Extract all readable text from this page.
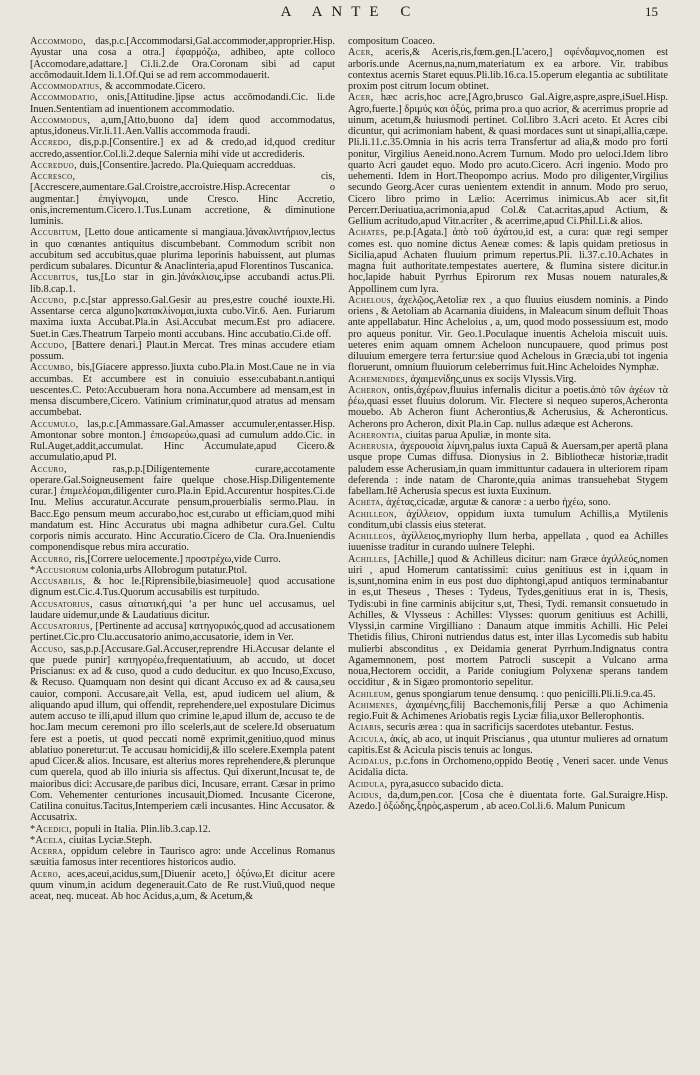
A ANTE C	15

Accommodo, das,p.c.[Accommodarsi,Gal.accommoder,approprier.Hisp. Ayustar una cosa a otra.] ἐφαρμόζω, adhibeo, apte colloco [Accomodare,adattare.] Ci.li.2.de Ora.Coronam sibi ad caput accōmodauit.Idem li.1.Of.Qui se ad rem accommodauerit.

Accommodatius, & accommodate.Cicero.

Accommodatio, onis,[Attitudine.]ipse actus accōmodandi.Cic. li.de Inuen.Sententiam ad inuentionem accommodatio.

Accommodus, a,um,[Atto,buono da] idem quod accommodatus, aptus,idoneus.Vir.li.11.Aen.Vallis accommoda fraudi.

Accredo, dis,p.p.[Consentire.] ex ad & credo,ad id,quod creditur accredo,assentior.Col.li.2.deque Salernia mihi vide ut accredideris.

Accreduo, duis,[Consentire.]acredo. Pla.Quiequam accredduas.

Accresco,	cis,[Accrescere,aumentare.Gal.Croistre,accroistre.Hisp.Acrecentar o augmentar.] ἐπιγίγνομαι, unde Cresco. Hinc Accretio, onis,incrementum.Cicero.1.Tus.Lunam accretione, & diminutione luminis.

Accubitum, [Letto doue anticamente si mangiaua.]ἀνακλιντήριον,lectus in quo cœnantes antiquitus discumbebant. Commodum scribit non accubitum sed accubitus,quae plurima leporinis habuissent, aut plumas perdicum subalares. Dicuntur & Anaclinteria,apud Florentinos Tuscanica.

Accubitus, tus,[Lo star in gin.]ἀνάκλισις,ipse accubandi actus.Pli. lib.8.cap.1.

Accubo, p.c.[star appresso.Gal.Gesir au pres,estre couché iouxte.Hi. Assentarse cerca alguno]κατακλίνομαι,iuxta cubo.Vir.6. Aen. Furiarum maxima iuxta Accubat.Pla.in Asi.Accubat mecum.Est pro adiacere. Suet.in Cæs.Theatrum Tarpeio monti accubans. Hinc accubatio.Ci.de off.

Accudo, [Battere denari.] Plaut.in Mercat. Tres minas accudere etiam possum.

Accumbo, bis,[Giacere appresso.]iuxta cubo.Pla.in Most.Caue ne in via accumbas. Et accumbere est in conuiuio esse:cubabant.n.antiqui uescentes.C. Peto:Accubueram hora nona.Accumbere ad mensam,est in mensa discumbere,Cicero. Vatinium criminatur,quod atratus ad mensam accumbebat.

Accumulo, las,p.c.[Ammassare.Gal.Amasser accumuler,entasser.Hisp. Amontonar sobre monton.] ἐπισωρεύω,quasi ad cumulum addo.Cic. in Rul.Auget,addit,accumulat. Hinc Accumulate,apud Cicero.& accumulatio,apud Pl.

Accuro,	ras,p.p.[Diligentemente curare,accotamente operare.Gal.Soigneusement faire quelque chose.Hisp.Diligentemente curar.] ἐπιμελέομαι,diligenter curo.Pla.in Epid.Accurentur hospites.Ci.de Inu. Melius accuratur.Accurate pensum,prouerbialis sermo.Plau. in Bacc.Ego pensum meum accurabo,hoc est,curabo ut efficiam,quod mihi mandatum est. Hinc Accuratus ubi magna adhibetur cura.Gel. Cultu corporis nimis accurato. Hinc Accuratio.Cicero de Cla. Ora.Inueniendis componendisque rebus mira accuratio.

Accurro, ris,[Correre uelocemente.] προστρέχω,vide Curro.

*Accusiorum colonia,urbs Allobrogum putatur.Ptol.

Accusabilis, & hoc le.[Riprensibile,biasimeuole] quod accusatione dignum est.Cic.4.Tus.Quorum accusabilis est turpitudo.

Accusatorius, casus αἰτιατική,qui ‘a per hunc uel accusamus, uel laudare uidemur,unde & Laudatiuus dicitur.

Accusatorius, [Pertinente ad accusa] κατηγορικός,quod ad accusationem pertinet.Cic.pro Clu.accusatorio animo,accusatorie, idem in Ver.

Accuso, sas,p.p.[Accusare.Gal.Accuser,reprendre Hi.Accusar delante el que puede punir] κατηγορέω,frequentatiuum, ab accudo, ut docet Priscianus: ex ad & cuso, quod a cudo deducitur. ex quo Incuso,Excuso, & Recuso. Quamquam non desint qui dicant Accuso ex ad & causa,seu cauior, componi. Accusare,ait Vella, est, apud iudicem uel alium, & aliquando apud illum, qui offendit, reprehendere,uel expostulare Dicimus autem accuso te illi,apud illum quo crimine le,apud illum de, accuso te de hoc.Iam mecum ceremoni pro illo scelerls,aut de scelere.Id obseruatum fere est a poetis, ut quod peccati nomē exprimit,genitiuo,quod minus ablatiuo poneretur:ut. Te accusau homicidij,& illo scelere.Exempla patent apud Cicer.& alios. Incusare, est alterius mores reprehendere,& plerunque cum querela, quod ab illo iniuria sis affectus. Qui dixerunt,Incusat te, de maioribus dici: Accusare,de paribus dici, Incusare, errant. Cæsar in primo Com. Vehementer centuriones incusauit,Diomed. Incusante Cicerone, Catilina conuitus.Tacitus,Intemperiem cæli incusantes. Hinc Accusator. & Accusatrix.

*Acedici, populi in Italia. Plin.lib.3.cap.12.

*Acela, ciuitas Lyciæ.Steph.

Acerra, oppidum celebre in Taurisco agro: unde Accelinus Romanus sæuitia famosus inter recentiores historicos audio.

Acero, aces,aceui,acidus,sum,[Diuenir aceto,] ὀξύνω,Et dicitur acere quum vinum,in acidum degenerauit.Cato de Re rust.Viuū,quod neque aceat, neq. muceat. Ab hoc Acidus,a,um, & Acetum,&

compositum Coaceo.

Acer, aceris,& Aceris,ris,fœm.gen.[L'acero,] σφένδαμνος,nomen est arboris.unde Acernus,na,num,materiatum ex ea arbore. Vir. trabibus contextus acernis Staret equus.Pli.lib.16.ca.15.operum elegantia ac subtilitate proxim post citrum locum obtinet.

Acer, hæc acris,hoc acre,[Agro,brusco Gal.Aigre,aspre,aspre,iSuel.Hisp. Agro,fuerte.] δριμύς και ὀξύς, prima pro.a quo acrior, & acerrimus proprie ad uinum, acetum,& huiusmodi pertinet. Col.libro 3.Acri aceto. Et Acres cibi dicuntur, qui acrimoniam habent, & quasi mordaces sunt ut sinapi,allia,cæpe. Pli.li.11.c.35.Omnia in his acris terra Transfertur ad alia,& modo pro forti ponitur, Virgilius Aeneid.nono.Acrem Turnum. Modo pro ueloci.Idem libro quarto Acri gaudet equo. Modo pro acuto.Cicero. Acri ingenio. Modo pro uehementi. Idem in Hort.Theopompo acrius. Modo pro diligenter,Virgilius secundo Georg.Acer curas uenientem extendit in annum. Modo pro seruo, Cicero libro primo in Lælio: Acerrimus inimicus.Ab acer sit,fit Percerr.Deriuatiua,acrimonia,apud Col.& Cat.acritas,apud Actium, & Gellium acritudo,apud Vitr.acriter , & acerrime,apud Ci.Phil.Li.& alios.

Achates, pe.p.[Agata.] ἀπὸ τοῦ ἀχάτου,id est, a cura: quæ regi semper comes est. quo nomine dictus Aeneæ comes: & lapis quidam pretiosus in Sicilia,apud Achaten fluuium primum repertus.Pli. li.37.c.10.Achates in magna fuit authoritate.tempestates auertere, & flumina sistere dicitur.in hoc,lapide habuit Pyrrhus Epirorum rex Musas nouem naturales,& Appollinem cum lyra.

Achelous, ἀχελῷος,Aetoliæ rex , a quo fluuius eiusdem nominis. a Pindo oriens , & Aetoliam ab Acarnania diuidens, in Maleacum sinum defluit Thoas ante appellabatur. Hinc Acheloius , a, um, quod modo possessiuum est, modo pro aqueus ponitur. Vir. Geo.1.Poculaque inuentis Acheloia miscuit uuis. ueteres enim aquam omnem Acheloon nuncupauere, quod primus post diluuium emergere terra fertur:siue quod Achelous in Græcia,ubi tot ingenia floruerunt, omnium fluuiorum celeberrimus fuit.Hinc Acheloides Nymphæ.

Achemenides, ἀχαιμενίδης,unus ex socijs Vlyssis.Virg.

Acheron, ontis,ἀχέρων,fluuius infernalis dicitur a poetis.ἀπὸ τῶν ἀχέων τὰ ῥέω,quasi esset fluuius dolorum. Vir. Flectere si nequeo superos,Acheronta mouebo. Ab Acheron fiunt Acherontius,& Acherusius, & Acheronticus. Acherons pro Acheron, dixit Pla.in Cap. nullus adæque est Acherons.

Acherontia, ciuitas parua Apuliæ, in monte sita.

Acherusia, ἀχερουσία λίμνη,palus iuxta Capuā & Auersam,per apertā plana usque prope Cumas diffusa. Dionysius in 2. Bibliothecæ historiæ,tradit paludem esse Acherusiam,in quam immittuntur cadauera in ulteriorem ripam deferenda : inde natam de Charonte,quia animas transuehebat Stygem fabellam.Itē Acherusia specus est iuxta Euxinum.

Acheta, ἀχέτας,cicadæ, argutæ & canoræ : a uerbo ἠχέω, sono.

Achilleon, ἀχίλλειον, oppidum iuxta tumulum Achillis,a Mytilenis conditum,ubi classis eius steterat.

Achilleos, ἀχίλλειος,myriophy llum herba, appellata , quod ea Achilles iuuenisse traditur in curando uulnere Telephi.

Achilles, [Achille,] quod & Achilleus dicitur: nam Græce ἀχιλλεύς,nomen uiri , apud Homerum cantatissimi: cuius genitiuus est in i,quam in is,sunt,nomina enim in eus post duo diphtongi,apud antiquos terminabantur in es,ut Theseus , Theses : Tydeus, Tydes,genitiuus erat in is, Thesis, Tydis:ubi in fine carminis abijcitur s,ut, Thesi, Tydi. remansit consuetudo in Achilles, & Vlysseus : Achilles: Vlysses: quorum genitiuus est Achilli, Vlyssi,in carmine Virgilliano : Danaum atque immitis Achilli. Hic Pelei Thetidis filius, Chironi nutriendus datus est, inter illas Lycomedis sub habitu mulierbi absconditus , ex Deidamia generat Pyrrhum.Indignatus contra Agamemnonem, post mortem Patrocli suscepit a Vulcano arma noua,Hectorem occidit, a Paride coniugium Polyxenæ sperans tandem occiditur , & in Sigæo promontorio sepelitur.

Achileum, genus spongiarum tenue densumq. : quo penicilli.Pli.li.9.ca.45.

Achimenes, ἀχαιμένης,filij Bacchemonis,filij Persæ a quo Achimenia regio.Fuit & Achimenes Ariobatis regis Lyciæ filia,uxor Bellerophontis.

Aciaris, securis ærea : qua in sacrificijs sacerdotes utebantur. Festus.

Acicula, ἀκίς, ab aco, ut inquit Priscianus , qua utuntur mulieres ad ornatum capitis.Est & Acicula piscis tenuis ac longus.

Acidalus, p.c.fons in Orchomeno,oppido Beotię , Veneri sacer. unde Venus Acidalia dicta.

Acidula, pyra,asucco subacido dicta.

Acidus, da,dum,pen.cor. [Cosa che è diuentata forte. Gal.Suraigre.Hisp. Azedo.] ὀξώδης,ξηρὸς,asperum , ab aceo.Col.li.6. Malum Punicum
